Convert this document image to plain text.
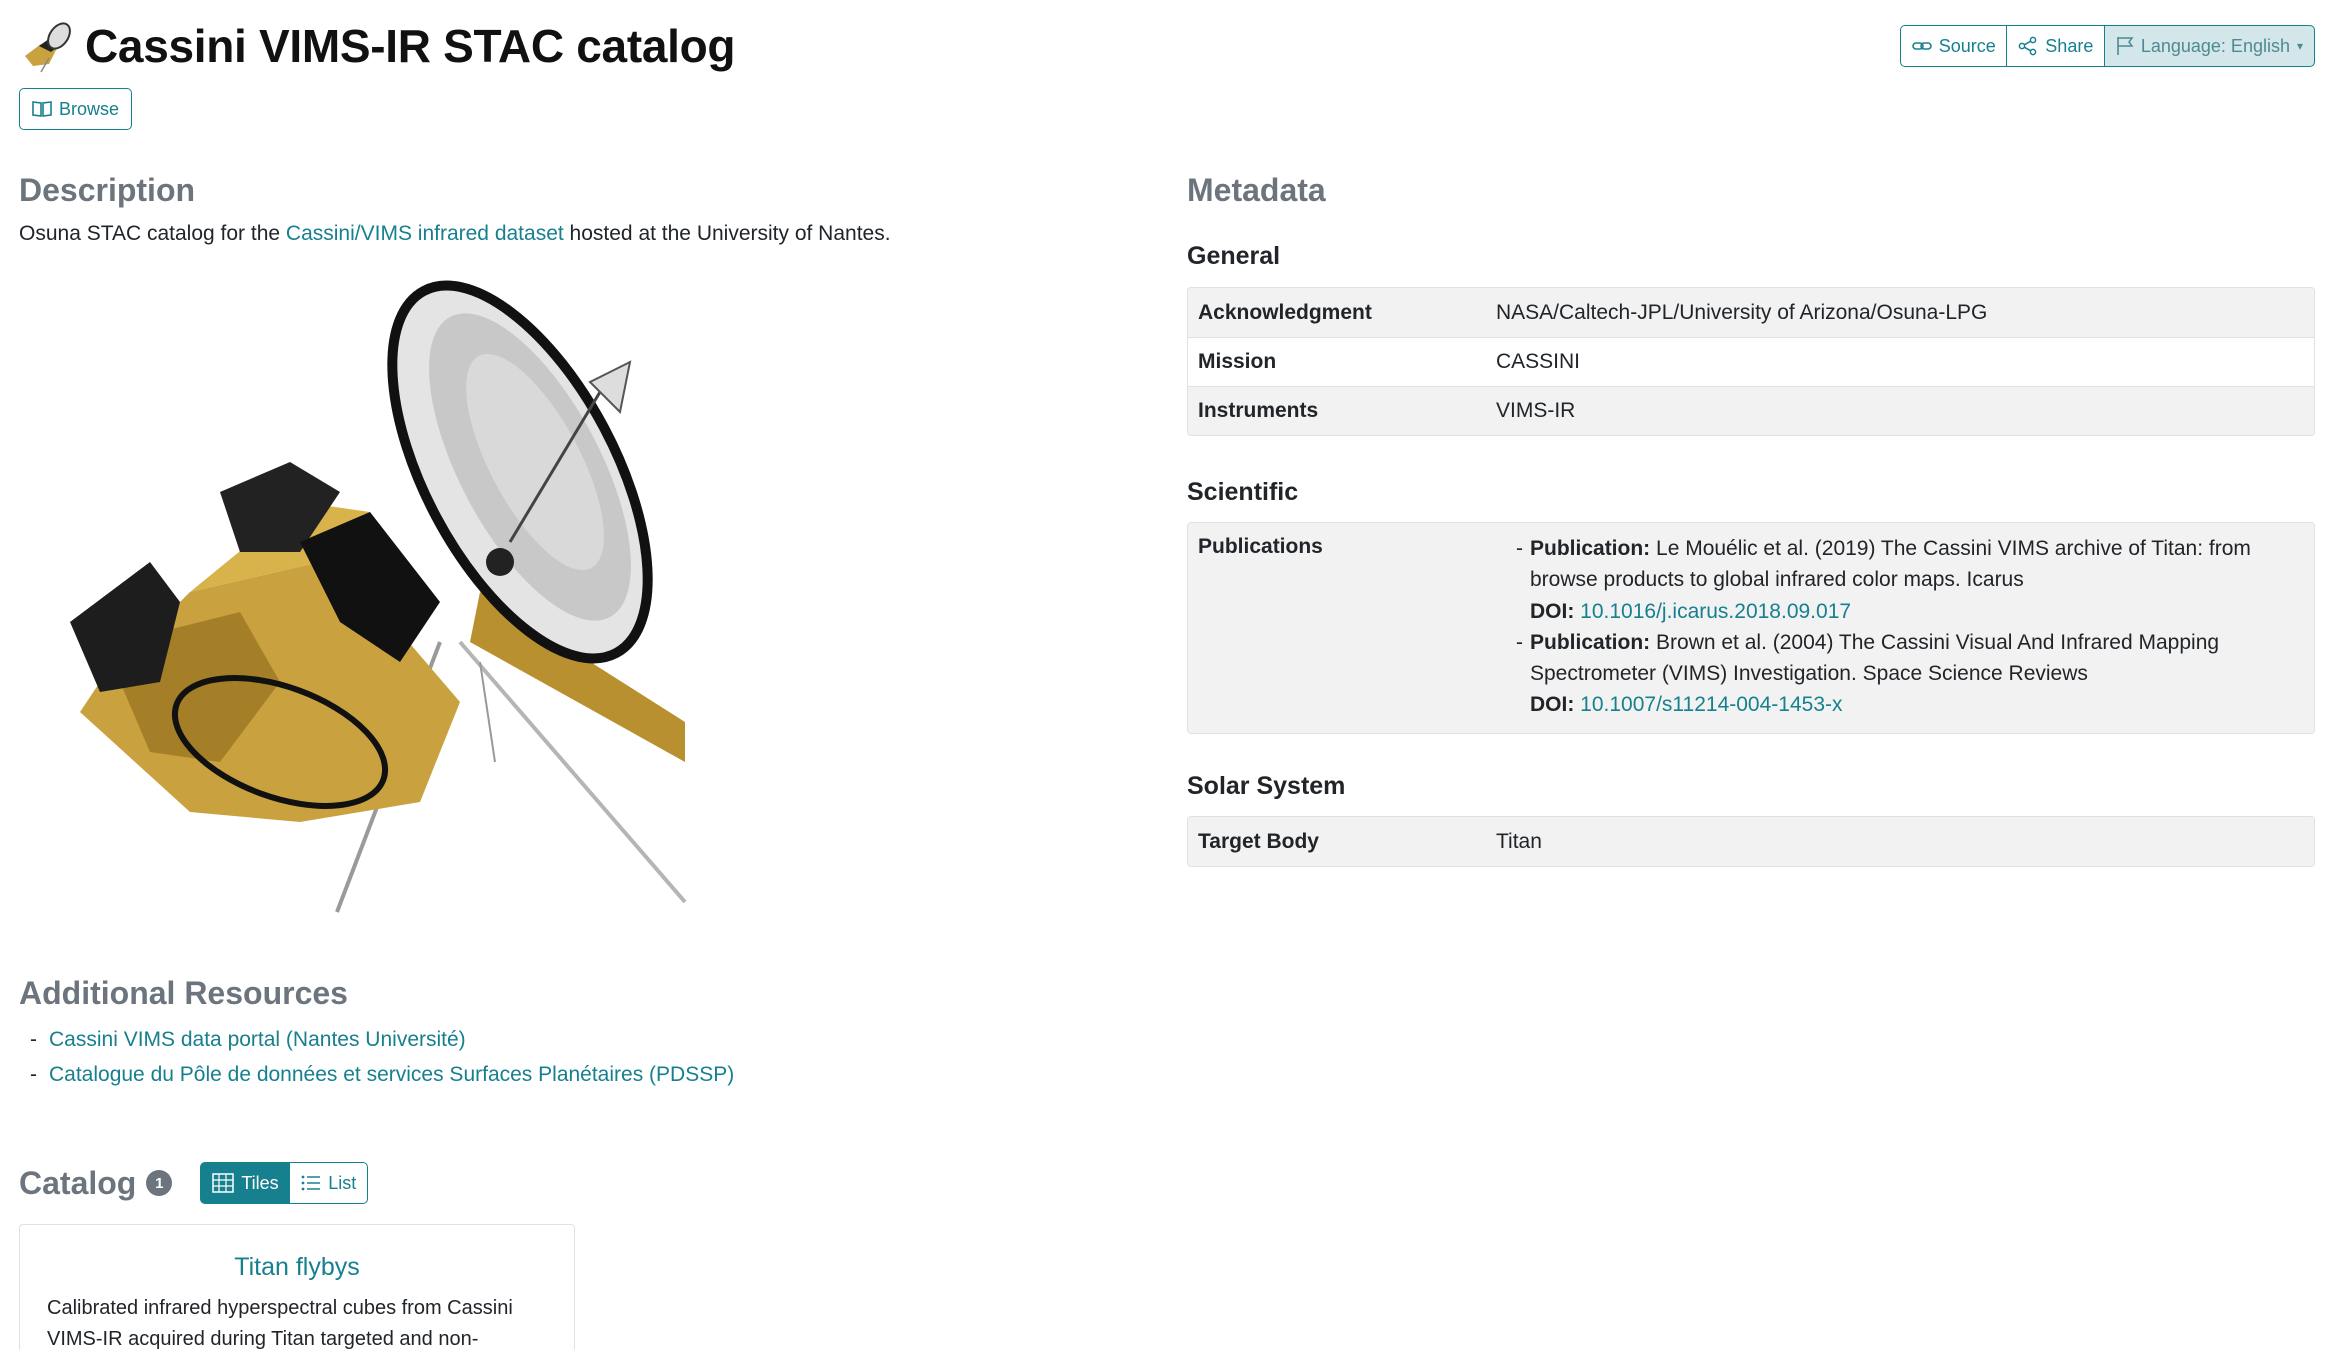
Cassini VIMS-IR STAC catalog
Browse
Source	Share	Language: English ▾
Description

Osuna STAC catalog for the Cassini/VIMS infrared dataset hosted at the University of Nantes.

Metadata
General
Acknowledgment	NASA/Caltech-JPL/University of Arizona/Osuna-LPG
Mission	CASSINI
Instruments	VIMS-IR
Scientific
Publications	- Publication: Le Mouélic et al. (2019) The Cassini VIMS archive of Titan: from browse products to global infrared color maps. Icarus
DOI: 10.1016/j.icarus.2018.09.017
- Publication: Brown et al. (2004) The Cassini Visual And Infrared Mapping Spectrometer (VIMS) Investigation. Space Science Reviews
DOI: 10.1007/s11214-004-1453-x
Solar System
Target Body	Titan
Additional Resources
- Cassini VIMS data portal (Nantes Université)
- Catalogue du Pôle de données et services Surfaces Planétaires (PDSSP)
Catalog	1	Tiles	List
Titan flybys

Calibrated infrared hyperspectral cubes from Cassini VIMS-IR acquired during Titan targeted and non-
